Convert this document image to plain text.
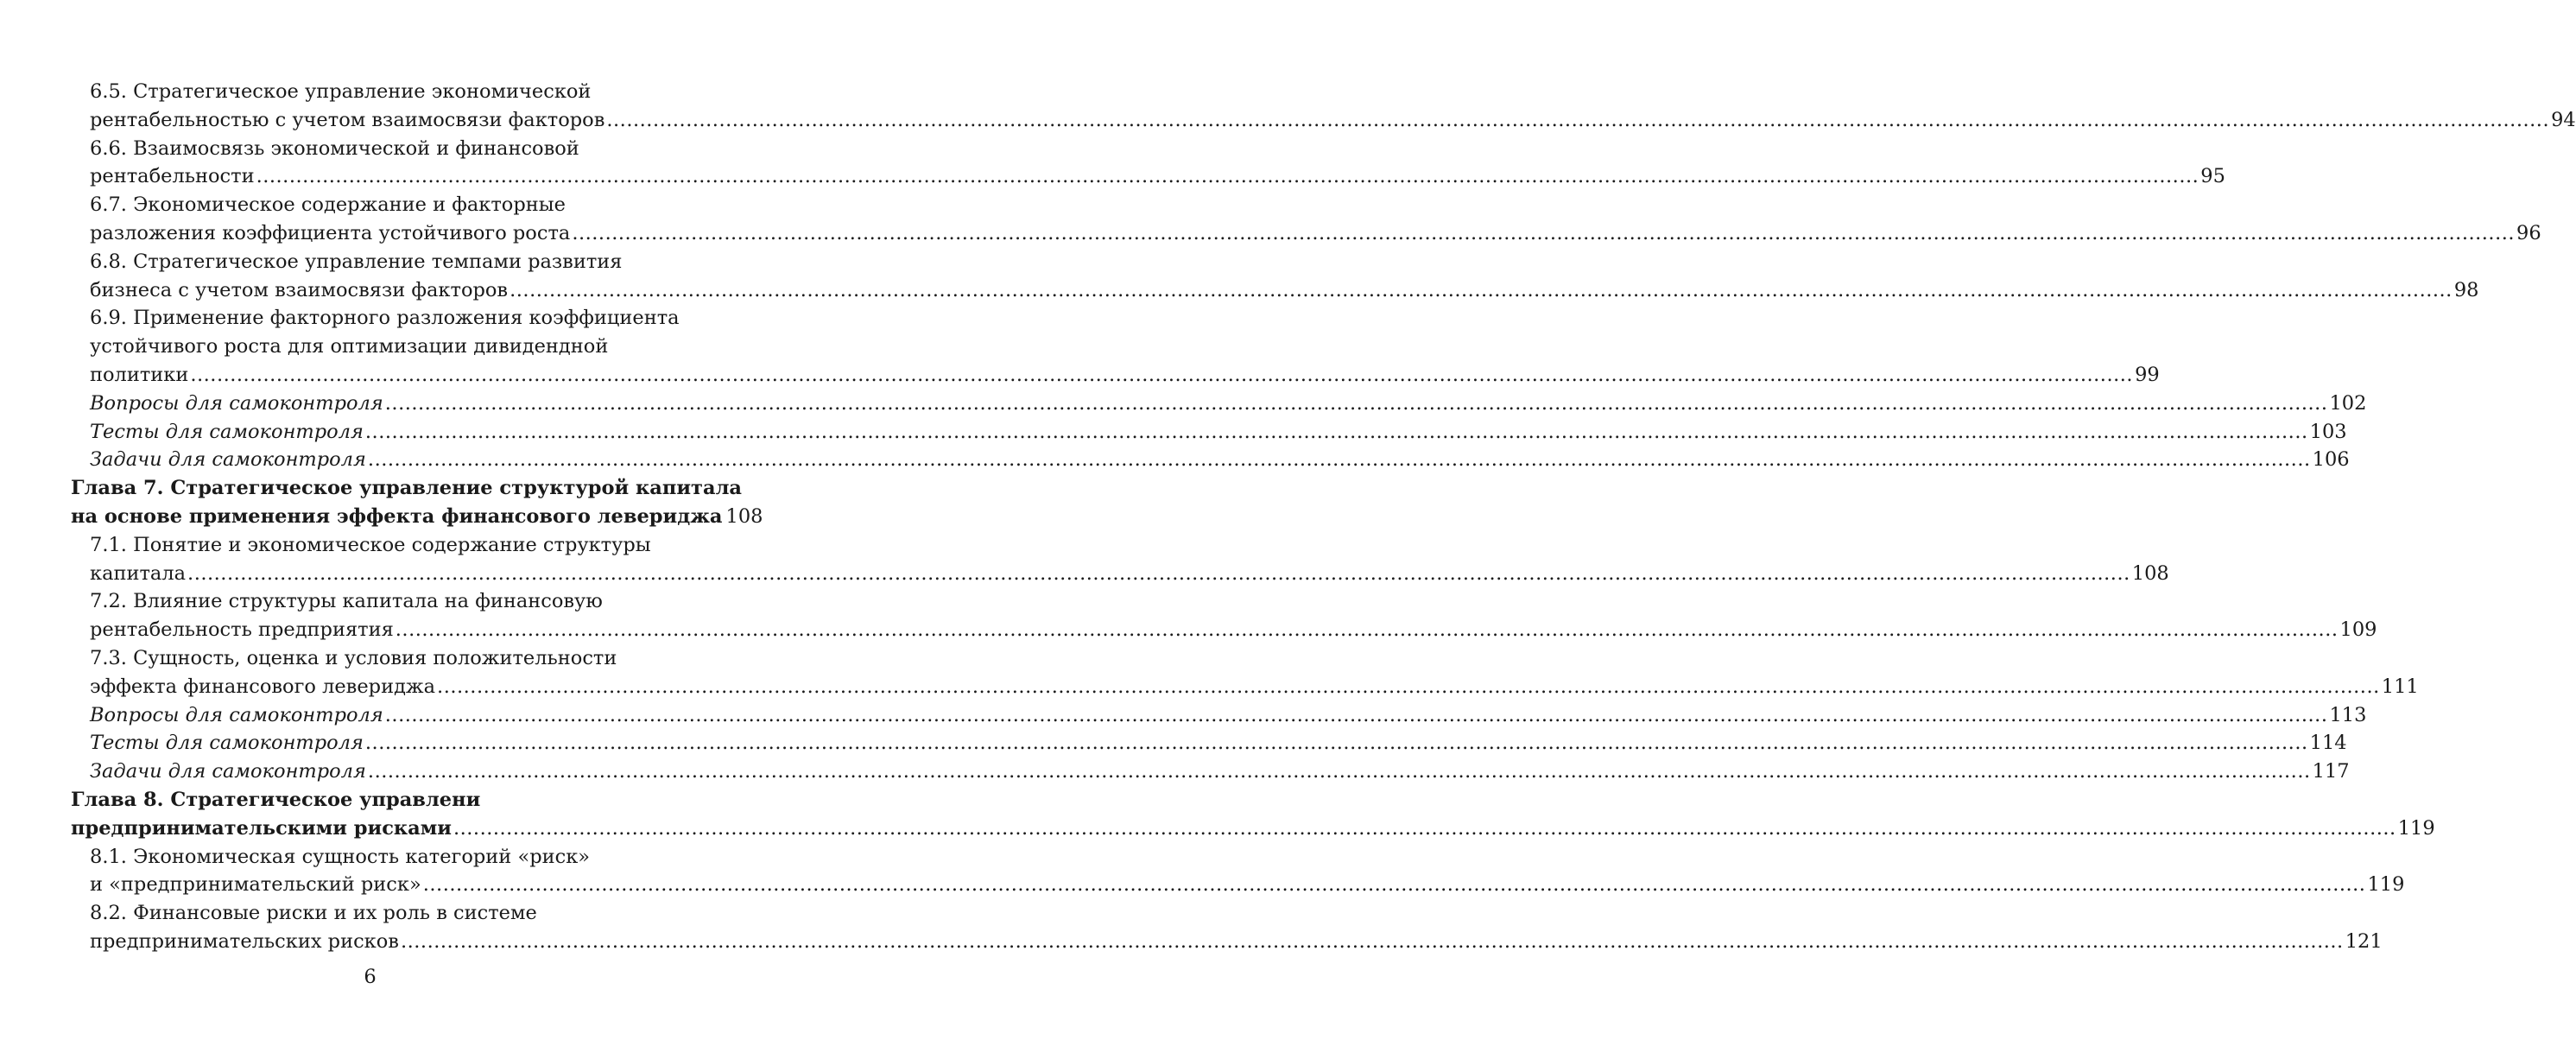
6.5. Стратегическое управление экономической
рентабельностью с учетом взаимосвязи факторов .....	94
6.6. Взаимосвязь экономической и финансовой
рентабельности .....	95
6.7. Экономическое содержание и факторные
разложения коэффициента устойчивого роста .....	96
6.8. Стратегическое управление темпами развития
бизнеса с учетом взаимосвязи факторов .....	98
6.9. Применение факторного разложения коэффициента
устойчивого роста для оптимизации дивидендной
политики .....	99
Вопросы для самоконтроля .....	102
Тесты для самоконтроля .....	103
Задачи для самоконтроля .....	106
Глава 7. Стратегическое управление структурой капитала
на основе применения эффекта финансового левериджа 108
7.1. Понятие и экономическое содержание структуры
капитала .....	108
7.2. Влияние структуры капитала на финансовую
рентабельность предприятия .....	109
7.3. Сущность, оценка и условия положительности
эффекта финансового левериджа .....	111
Вопросы для самоконтроля .....	113
Тесты для самоконтроля .....	114
Задачи для самоконтроля .....	117
Глава 8. Стратегическое управлени
предпринимательскими рисками .....	119
8.1. Экономическая сущность категорий «риск»
и «предпринимательский риск» .....	119
8.2. Финансовые риски и их роль в системе
предпринимательских рисков .....	121
6
